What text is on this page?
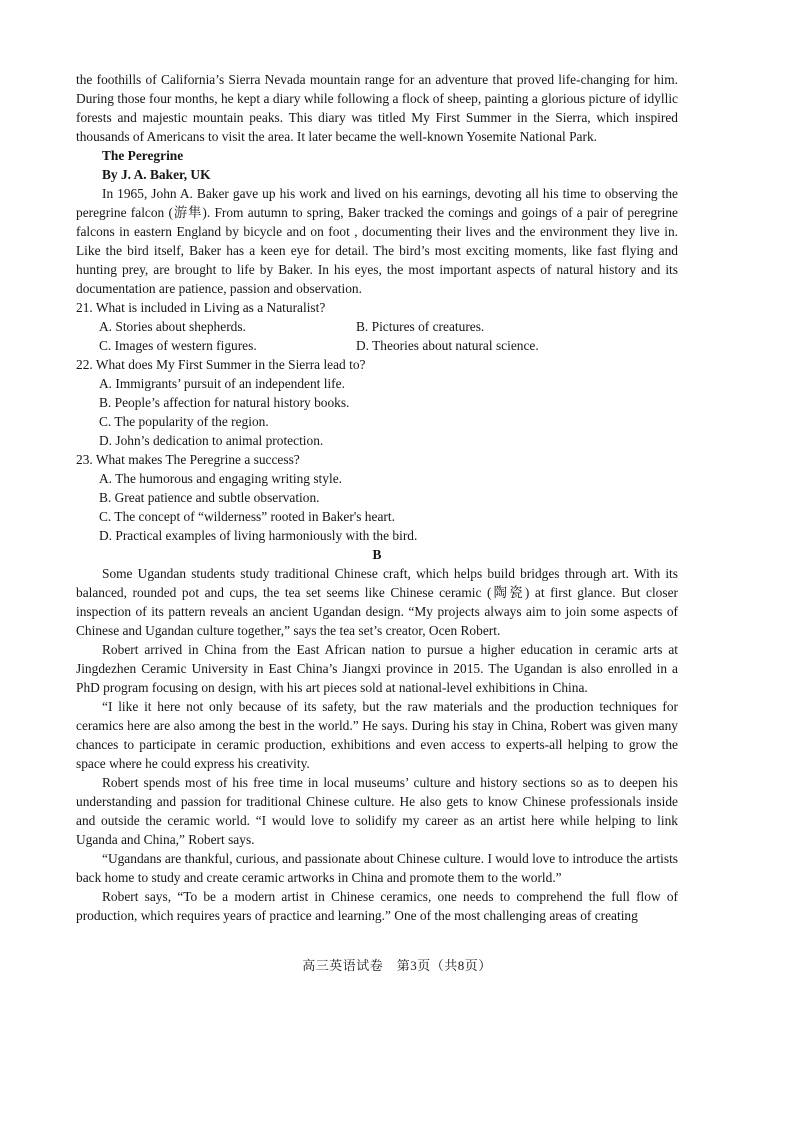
the foothills of California’s Sierra Nevada mountain range for an adventure that proved life-changing for him. During those four months, he kept a diary while following a flock of sheep, painting a glorious picture of idyllic forests and majestic mountain peaks. This diary was titled My First Summer in the Sierra, which inspired thousands of Americans to visit the area. It later became the well-known Yosemite National Park.

The Peregrine

By J. A. Baker, UK

In 1965, John A. Baker gave up his work and lived on his earnings, devoting all his time to observing the peregrine falcon (游隼). From autumn to spring, Baker tracked the comings and goings of a pair of peregrine falcons in eastern England by bicycle and on foot , documenting their lives and the environment they live in. Like the bird itself, Baker has a keen eye for detail. The bird’s most exciting moments, like fast flying and hunting prey, are brought to life by Baker. In his eyes, the most important aspects of natural history and its documentation are patience, passion and observation.

21. What is included in Living as a Naturalist?

A. Stories about shepherds.	B. Pictures of creatures.
C. Images of western figures.	D. Theories about natural science.

22. What does My First Summer in the Sierra lead to?

A. Immigrants’ pursuit of an independent life.
B. People’s affection for natural history books.
C. The popularity of the region.
D. John’s dedication to animal protection.

23. What makes The Peregrine a success?

A. The humorous and engaging writing style.
B. Great patience and subtle observation.
C. The concept of “wilderness” rooted in Baker's heart.
D. Practical examples of living harmoniously with the bird.
B

Some Ugandan students study traditional Chinese craft, which helps build bridges through art. With its balanced, rounded pot and cups, the tea set seems like Chinese ceramic (陶瓷) at first glance. But closer inspection of its pattern reveals an ancient Ugandan design. “My projects always aim to join some aspects of Chinese and Ugandan culture together,” says the tea set’s creator, Ocen Robert.

Robert arrived in China from the East African nation to pursue a higher education in ceramic arts at Jingdezhen Ceramic University in East China’s Jiangxi province in 2015. The Ugandan is also enrolled in a PhD program focusing on design, with his art pieces sold at national-level exhibitions in China.

“I like it here not only because of its safety, but the raw materials and the production techniques for ceramics here are also among the best in the world.” He says. During his stay in China, Robert was given many chances to participate in ceramic production, exhibitions and even access to experts-all helping to grow the space where he could express his creativity.

Robert spends most of his free time in local museums’ culture and history sections so as to deepen his understanding and passion for traditional Chinese culture. He also gets to know Chinese professionals inside and outside the ceramic world. “I would love to solidify my career as an artist here while helping to link Uganda and China,” Robert says.

“Ugandans are thankful, curious, and passionate about Chinese culture. I would love to introduce the artists back home to study and create ceramic artworks in China and promote them to the world.”

Robert says, “To be a modern artist in Chinese ceramics, one needs to comprehend the full flow of production, which requires years of practice and learning.” One of the most challenging areas of creating

高三英语试卷　第3页（共8页）
